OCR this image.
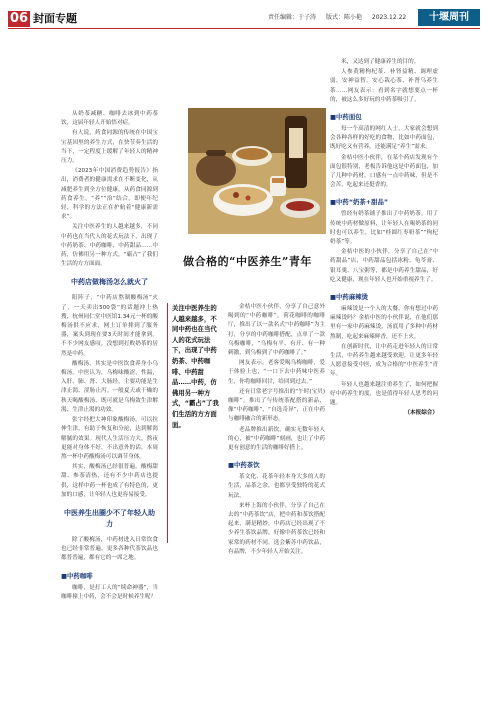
06 封面专题	责任编辑：于子涛 版式：陈小艳 2023.12.22	十堰周刊

从奶茶减糖、咖啡去冰到中药茶饮，这届年轻人开始悟对症。

有人说，药食同源的传统在中国宝宝基因里的养生方式，在快节奏生活的当下，一定程度上缓解了年轻人的精神压力。

《2023年中国消费趋势报告》指出，消费者的健康需求在不断变化，从减肥养生到全方位健康，从药食同源到药食养生，“养”“治”结合，即便年纪轻，科学的方法正在护航着“健康新需求”。

关注中医养生的人越来越多，不同中药也在当代人的花式玩法下，出现了中药奶茶、中药咖啡、中药甜品……中药，仿佛用另一种方式，“霸占”了我们生活的方方面面。

中药店做梅汤怎么就火了

阳阵子，“中药店熬制酸梅汤”火了，一天卖出500袋”的话题冲上热搜，杭州同仁堂中医馆1.34元一杯的酸梅汤供不应求，网上订单排到了服务器，案头到现在要3天时间才能拿到。不不少网友感叹，没想到打败奶茶的居然是中药。

酸梅汤，其实是中医饮食养身小乌梅汤。中医认为，乌梅味酸涩，性温，入肝、肺、肾、大肠经，主要功能是生津止渴、涩肠止泻。一般夏天或干燥的秋天喝酸梅汤，既可就是乌梅敛生津解渴、生津止渴的功效。

张宇经把大神印象酸梅汤，可以拉伸生津，有助于恢复和分泌，达到解渴解腻的效果。现代人生活压力大，熬夜更能对身体不好，不出意外的话，本周熬一杯中药酸梅汤可以调节身体。

其实，酸梅汤已经很普遍，酸梅甜甜、参茶清热，还有不少中药店也提供，这样中药一杯也成了有特色的，更加的口感，让年轻人也更容易接受。

中医养生出圈少不了年轻人助力

除了酸梅汤，中药材进入日常饮食也已经非常普遍。更多各种代茶饮品也都普普遍，都有它的一席之地。

■中药咖啡

咖啡，是打工人的“续命神器”，当咖啡撞上中药，会不会是时候养生呢？

做合格的“中医养生”青年
关注中医养生的人越来越多，不同中药也在当代人的花式玩法下，出现了中药奶茶、中药咖啡、中药甜品……中药，仿佛用另一种方式，“霸占”了我们生活的方方面面。

金桔中医小伙伴，分享了自己意外喝到的“中药咖啡”。荷花咖啡的咖啡厅，推出了以一款名式“中药咖啡”为主打，分享的中药咖啡搭配，点单了一款乌梅咖啡，“乌梅有平、有开、有一种刺激，到乌梅到了中药咖啡了。”

网友表示，老客爱喝乌梅咖啡，爱于体验上也，“一口下去中药味中医养生，你将咖啡回甘，给回到过去。”

还有日常老字号推出的“午时(宝贝)咖啡”，推出了与传统茶配搭的新品，像“中药咖啡”，“自选奇异”，正在中药与咖啡融合的新形态。

老品牌推出新饮，确实无数年轻人的心，被“中药咖啡”刻画，也让了中药更有创意的生活的咖啡好搭上。

■中药茶饮

茶文化、花茶年轻本身大多的人的生活，品茶之余，也都享受独特的花式玩法。

来杯上海的小伙伴，分享了自己在去的“中药茶饮”店，把中药和茶饮搭配起来，满是精妙，中药店已经出现了不少养生茶饮品牌，好像中药茶饮已经和家常的药材不同，选会紫苏中药饮品，有品牌，不少年轻人开始关注。

米，又达到了健康养生的目的。

人参黄精枸杞茶、补肾益精、调理虚弱、安神益智，安心栽心茶、补肾乌养生茶……网友表示：看到名字就想要点一杯的，被这么多好玩的中药茶吸引了。

■中药面包

每一个高清的网红人士，大家就会想到会各种各样的好吃的食物，比如中药面包，既好吃又有营养，还能满足“养生”需求。

金桔中医小伙伴，在某个药店发现有个面包很特别，老板告诉他这是中药面包，加了几种中药材，口感有一点中药味，但是不会苦，吃起来还挺香的。

■中药“奶茶+甜品”

曾经有奶茶铺子推出了中药奶茶，用了传统中药材做原料，让年轻人在喝奶茶的同时也可以养生，比如“桂圆红枣奶茶”“枸杞奶茶”等。

金桔中医的小伙伴，分享了自己在“中药甜品”店，中药甜品包括冰粉、龟苓膏、银耳羹、八宝粥等，都是中药养生甜品，好吃又健康，现在年轻人也开始重视养生了。

■中药麻辣烫

麻辣烫是一个人的大餐，你有想过中药麻辣烫吗？金桔中医的小伙伴说，在他们那里有一家中药麻辣烫，汤底用了多种中药材熬制，吃起来麻辣鲜香，还不上火。

在创新时代，让中药走进年轻人的日常生活，中药养生越来越受欢迎，让更多年轻人愿意接受中医，成为合格的“中医养生”青年。

年轻人也越来越注重养生了，如何把握好中药养生的度，也是值得年轻人思考的问题。

（本报综合）
